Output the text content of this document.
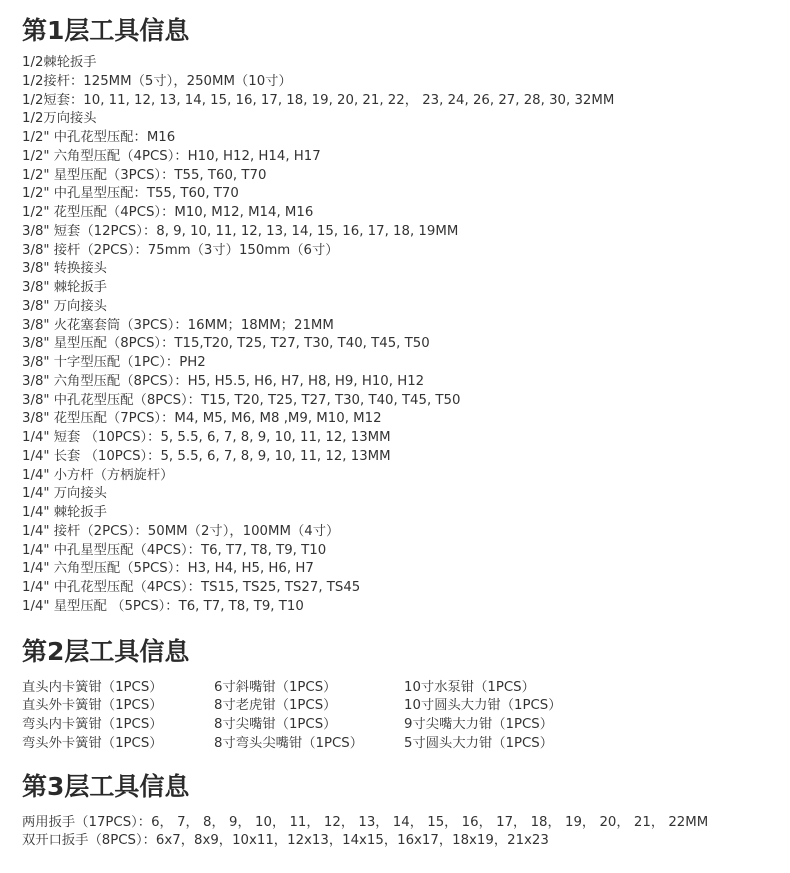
第1层工具信息
1/2棘轮扳手
1/2接杆：125MM（5寸），250MM（10寸）
1/2短套：10, 11, 12, 13, 14, 15, 16, 17, 18, 19, 20, 21, 22， 23, 24, 26, 27, 28, 30, 32MM
1/2万向接头
1/2" 中孔花型压配：M16
1/2" 六角型压配（4PCS）：H10, H12, H14, H17
1/2" 星型压配（3PCS）：T55, T60, T70
1/2" 中孔星型压配：T55, T60, T70
1/2" 花型压配（4PCS）：M10, M12, M14, M16
3/8" 短套（12PCS）：8, 9, 10, 11, 12, 13, 14, 15, 16, 17, 18, 19MM
3/8" 接杆（2PCS）：75mm（3寸）150mm（6寸）
3/8" 转换接头
3/8" 棘轮扳手
3/8" 万向接头
3/8" 火花塞套筒（3PCS）：16MM；18MM；21MM
3/8" 星型压配（8PCS）：T15,T20, T25, T27, T30, T40, T45, T50
3/8" 十字型压配（1PC）：PH2
3/8" 六角型压配（8PCS）：H5, H5.5, H6, H7, H8, H9, H10, H12
3/8" 中孔花型压配（8PCS）：T15, T20, T25, T27, T30, T40, T45, T50
3/8" 花型压配（7PCS）：M4, M5, M6, M8 ,M9, M10, M12
1/4" 短套 （10PCS）：5, 5.5, 6, 7, 8, 9, 10, 11, 12, 13MM
1/4" 长套 （10PCS）：5, 5.5, 6, 7, 8, 9, 10, 11, 12, 13MM
1/4" 小方杆（方柄旋杆）
1/4" 万向接头
1/4" 棘轮扳手
1/4" 接杆（2PCS）：50MM（2寸），100MM（4寸）
1/4" 中孔星型压配（4PCS）：T6, T7, T8, T9, T10
1/4" 六角型压配（5PCS）：H3, H4, H5, H6, H7
1/4" 中孔花型压配（4PCS）：TS15, TS25, TS27, TS45
1/4" 星型压配 （5PCS）：T6, T7, T8, T9, T10
第2层工具信息
直头内卡簧钳（1PCS）	6寸斜嘴钳（1PCS）	10寸水泵钳（1PCS）
直头外卡簧钳（1PCS）	8寸老虎钳（1PCS）	10寸圆头大力钳（1PCS）
弯头内卡簧钳（1PCS）	8寸尖嘴钳（1PCS）	9寸尖嘴大力钳（1PCS）
弯头外卡簧钳（1PCS）	8寸弯头尖嘴钳（1PCS）	5寸圆头大力钳（1PCS）
第3层工具信息
两用扳手（17PCS）：6， 7， 8， 9， 10， 11， 12， 13， 14， 15， 16， 17， 18， 19， 20， 21， 22MM
双开口扳手（8PCS）：6x7，8x9，10x11，12x13，14x15，16x17，18x19，21x23
